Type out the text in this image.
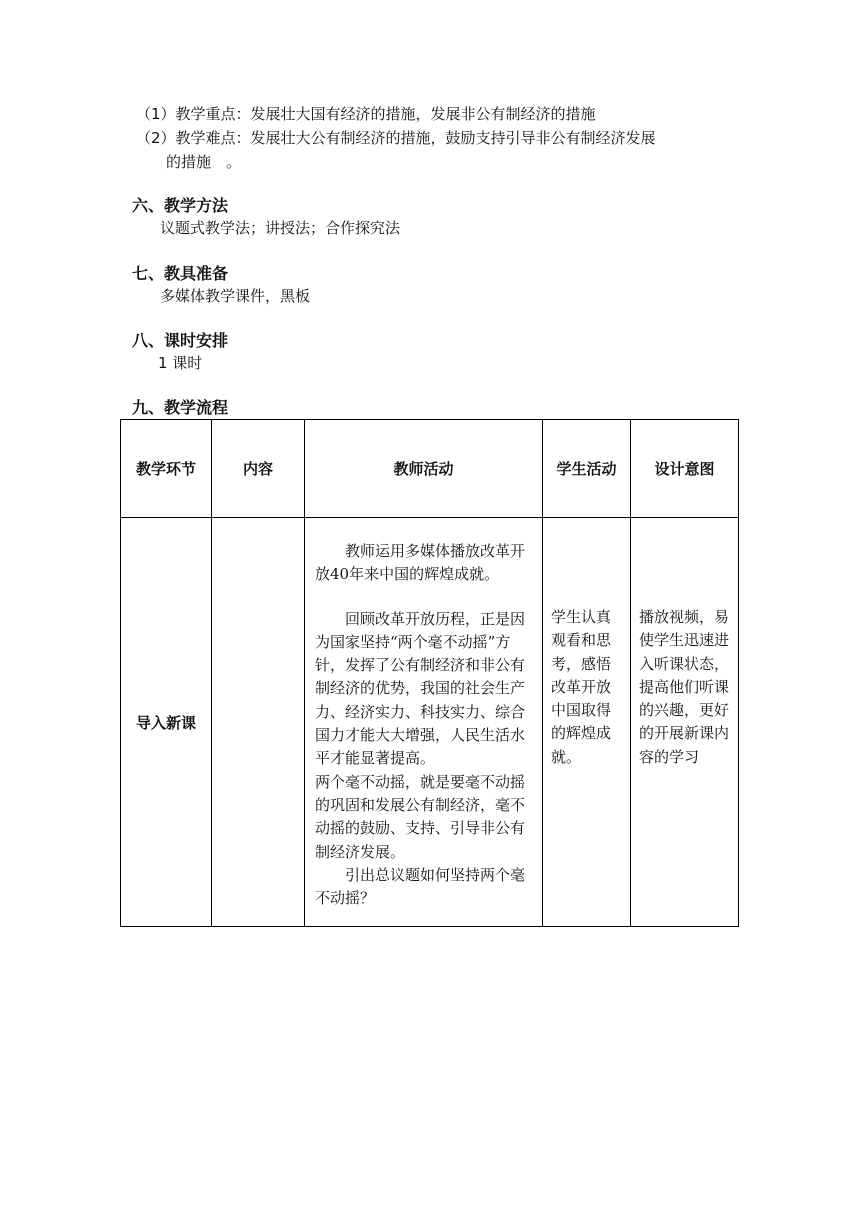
（1）教学重点：发展壮大国有经济的措施，发展非公有制经济的措施
（2）教学难点：发展壮大公有制经济的措施，鼓励支持引导非公有制经济发展
的措施　。
六、教学方法
议题式教学法；讲授法；合作探究法
七、教具准备
多媒体教学课件，黑板
八、课时安排
1 课时
九、教学流程
教学环节	内容	教师活动	学生活动	设计意图
导入新课		教师运用多媒体播放改革开放40年来中国的辉煌成就。

回顾改革开放历程，正是因为国家坚持“两个毫不动摇”方针，发挥了公有制经济和非公有制经济的优势，我国的社会生产力、经济实力、科技实力、综合国力才能大大增强，人民生活水平才能显著提高。

两个毫不动摇，就是要毫不动摇的巩固和发展公有制经济，毫不动摇的鼓励、支持、引导非公有制经济发展。

引出总议题如何坚持两个毫不动摇？	学生认真观看和思考，感悟改革开放中国取得的辉煌成就。	播放视频，易使学生迅速进入听课状态，提高他们听课的兴趣，更好的开展新课内容的学习
